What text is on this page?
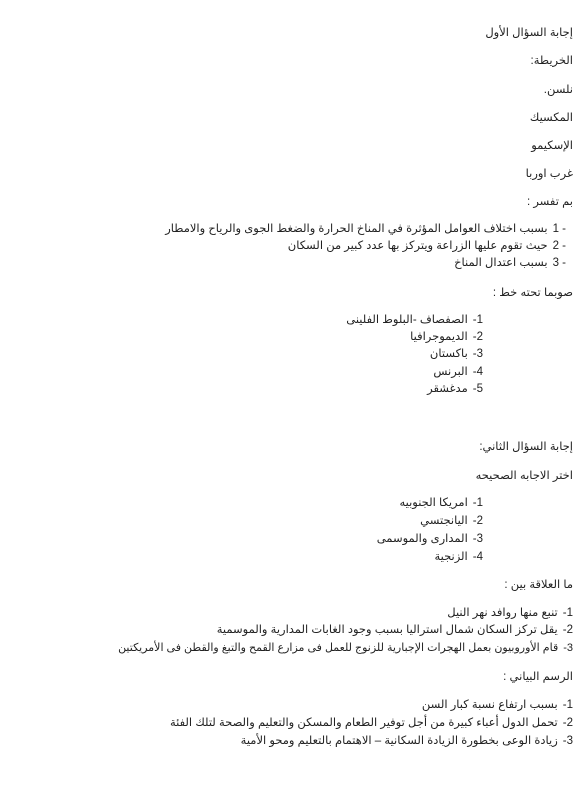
إجابة السؤال الأول
الخريطة:
نلسن.
المكسيك
الإسكيمو
غرب اوربا
بم تفسر :
1 -بسبب اختلاف العوامل المؤثرة في المناخ الحرارة والضغط الجوى والرياح والامطار
2 -حيث تقوم عليها الزراعة ويتركز بها عدد كبير من السكان
3 -بسبب اعتدال المناخ
صوبما تحته خط :
-1الصفصاف -البلوط الفلينى
-2الديموجرافيا
-3باكستان
-4البرنس
-5مدغشقر
إجابة السؤال الثاني:
اختر الاجابه الصحيحه
-1امريكا الجنوبيه
-2اليانجتسي
-3المدارى والموسمى
-4الزنجية
ما العلاقة بين :
-1تنبع منها روافد نهر النيل
-2يقل تركز السكان شمال استراليا بسبب وجود الغابات المدارية والموسمية
-3قام الأوروبيون بعمل الهجرات الإجبارية للزنوج للعمل فى مزارع القمح والتبغ والقطن فى الأمريكتين
الرسم البياني :
-1بسبب ارتفاع نسبة كبار السن
-2تحمل الدول أعباء كبيرة من أجل توفير الطعام والمسكن والتعليم والصحة لتلك الفئة
-3زيادة الوعى بخطورة الزيادة السكانية – الاهتمام بالتعليم ومحو الأمية
